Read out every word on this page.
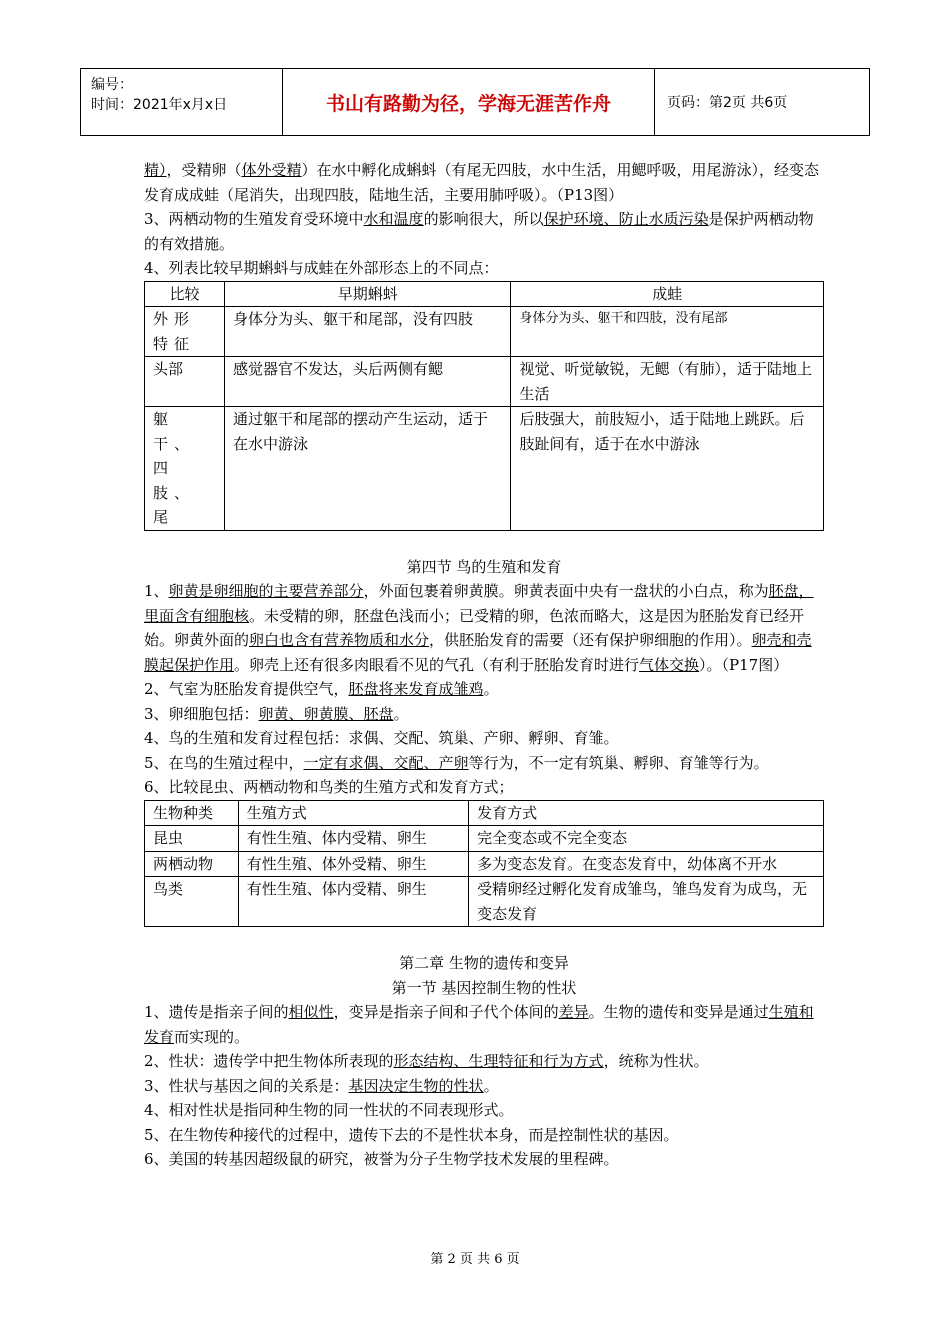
编号：
时间：2021年x月x日	书山有路勤为径，学海无涯苦作舟	页码：第2页 共6页

精），受精卵（体外受精）在水中孵化成蝌蚪（有尾无四肢，水中生活，用鳃呼吸，用尾游泳），经变态发育成成蛙（尾消失，出现四肢，陆地生活，主要用肺呼吸）。（P13图）

3、两栖动物的生殖发育受环境中水和温度的影响很大，所以保护环境、防止水质污染是保护两栖动物的有效措施。

4、列表比较早期蝌蚪与成蛙在外部形态上的不同点：

比较	早期蝌蚪	成蛙
外形特征	身体分为头、躯干和尾部，没有四肢	身体分为头、躯干和四肢，没有尾部
头部	感觉器官不发达，头后两侧有鳃	视觉、听觉敏锐，无鳃（有肺），适于陆地上生活
躯干、四肢、尾	通过躯干和尾部的摆动产生运动，适于在水中游泳	后肢强大，前肢短小，适于陆地上跳跃。后肢趾间有，适于在水中游泳

第四节 鸟的生殖和发育

1、卵黄是卵细胞的主要营养部分，外面包裹着卵黄膜。卵黄表面中央有一盘状的小白点，称为胚盘，里面含有细胞核。未受精的卵，胚盘色浅而小；已受精的卵，色浓而略大，这是因为胚胎发育已经开始。卵黄外面的卵白也含有营养物质和水分，供胚胎发育的需要（还有保护卵细胞的作用）。卵壳和壳膜起保护作用。卵壳上还有很多肉眼看不见的气孔（有利于胚胎发育时进行气体交换）。（P17图）

2、气室为胚胎发育提供空气，胚盘将来发育成雏鸡。

3、卵细胞包括：卵黄、卵黄膜、胚盘。

4、鸟的生殖和发育过程包括：求偶、交配、筑巢、产卵、孵卵、育雏。

5、在鸟的生殖过程中，一定有求偶、交配、产卵等行为，不一定有筑巢、孵卵、育雏等行为。

6、比较昆虫、两栖动物和鸟类的生殖方式和发育方式；

生物种类	生殖方式	发育方式
昆虫	有性生殖、体内受精、卵生	完全变态或不完全变态
两栖动物	有性生殖、体外受精、卵生	多为变态发育。在变态发育中，幼体离不开水
鸟类	有性生殖、体内受精、卵生	受精卵经过孵化发育成雏鸟，雏鸟发育为成鸟，无变态发育

第二章 生物的遗传和变异

第一节 基因控制生物的性状

1、遗传是指亲子间的相似性，变异是指亲子间和子代个体间的差异。生物的遗传和变异是通过生殖和发育而实现的。

2、性状：遗传学中把生物体所表现的形态结构、生理特征和行为方式，统称为性状。

3、性状与基因之间的关系是：基因决定生物的性状。

4、相对性状是指同种生物的同一性状的不同表现形式。

5、在生物传种接代的过程中，遗传下去的不是性状本身，而是控制性状的基因。

6、美国的转基因超级鼠的研究，被誉为分子生物学技术发展的里程碑。

第 2 页 共 6 页
